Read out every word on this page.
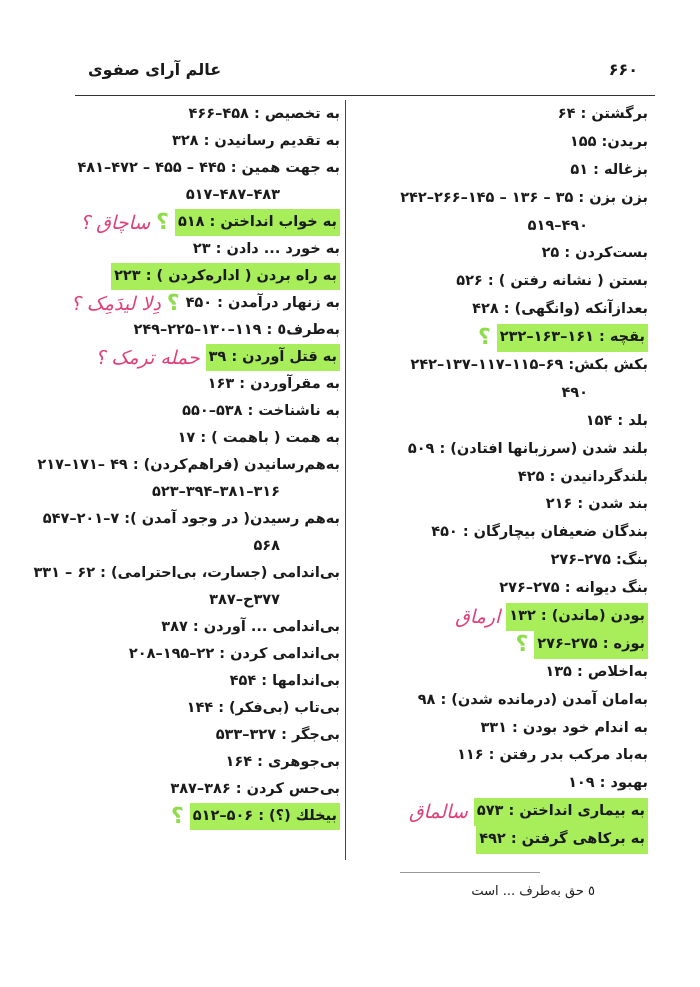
عالم آرای صفوی	۶۶۰
برگشتن : ۶۴
بریدن: ۱۵۵
بزغاله : ۵۱
بزن بزن : ۳۵ – ۱۳۶ – ۱۴۵–۲۶۶–۲۴۲
۴۹۰–۵۱۹
بست‌کردن : ۲۵
بستن ( نشانه رفتن ) : ۵۲۶
بعدازآنکه (وانگهی) : ۴۲۸
بقچه : ۱۶۱–۱۶۳–۲۳۲
بکش بکش: ۶۹–۱۱۵–۱۱۷–۱۳۷–۲۴۲
۴۹۰
بلد : ۱۵۴
بلند شدن (سرزبانها افتادن) : ۵۰۹
بلندگردانیدن : ۴۲۵
بند شدن : ۲۱۶
بندگان ضعیفان بیچارگان : ۴۵۰
بنگ: ۲۷۵–۲۷۶
بنگ دیوانه : ۲۷۵–۲۷۶
بودن (ماندن) : ۱۳۲
بوزه : ۲۷۵–۲۷۶
به‌اخلاص : ۱۳۵
به‌امان آمدن (درمانده شدن) : ۹۸
به اندام خود بودن : ۳۳۱
به‌باد مرکب بدر رفتن : ۱۱۶
بهبود : ۱۰۹
به بیماری انداختن : ۵۷۳
به برکاهی گرفتن : ۴۹۲
به تخصیص : ۴۵۸–۴۶۶
به تقدیم رسانیدن : ۳۲۸
به جهت همین : ۴۴۵ – ۴۵۵ – ۴۷۲–۴۸۱
۴۸۳–۴۸۷–۵۱۷
به خواب انداختن : ۵۱۸
به خورد ... دادن : ۲۳
به راه بردن ( اداره‌کردن ) : ۲۲۳
به زنهار درآمدن : ۴۵۰
به‌طرف٥ : ۱۱۹–۱۳۰–۲۲۵–۲۴۹
به قتل آوردن : ۳۹
به مقرآوردن : ۱۶۳
به ناشناخت : ۵۳۸–۵۵۰
به همت ( باهمت ) : ۱۷
به‌هم‌رسانیدن (فراهم‌کردن) : ۴۹ –۱۷۱–۲۱۷
۳۱۶–۳۸۱–۳۹۴–۵۲۳
به‌هم رسیدن( در وجود آمدن ): ۷–۲۰۱–۵۴۷
۵۶۸
بی‌اندامی (جسارت، بی‌احترامی) : ۶۲ – ۳۳۱
۳۷۷ح–۳۸۷
بی‌اندامی ... آوردن : ۳۸۷
بی‌اندامی کردن : ۲۲–۱۹۵–۲۰۸
بی‌اندامها : ۴۵۴
بی‌تاب (بی‌فکر) : ۱۴۴
بی‌جگر : ۳۲۷–۵۳۳
بی‌جوهری : ۱۶۴
بی‌حس کردن : ۳۸۶–۳۸۷
بیخلك (؟) : ۵۰۶–۵۱۲
٥ حق به‌طرف ... است
؟
ساچاق ؟
؟
دِلا لیدَمِک ؟
حمله ترمک ؟
؟
؟
ارماق
؟
سالماق
